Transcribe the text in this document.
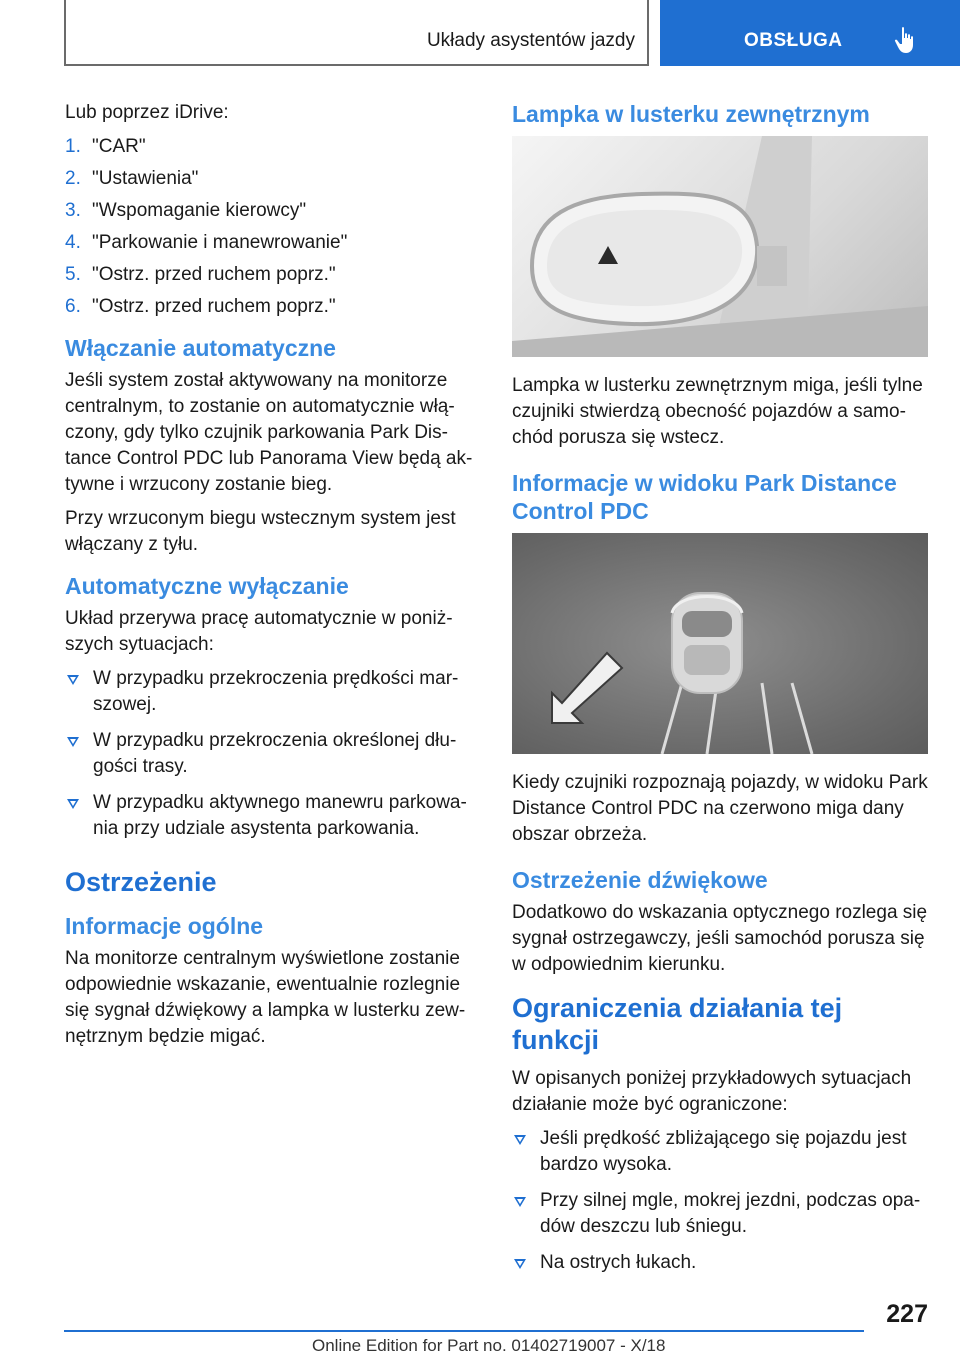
Układy asystentów jazdy	OBSŁUGA

Lub poprzez iDrive:

1. "CAR"
2. "Ustawienia"
3. "Wspomaganie kierowcy"
4. "Parkowanie i manewrowanie"
5. "Ostrz. przed ruchem poprz."
6. "Ostrz. przed ruchem poprz."
Włączanie automatyczne

Jeśli system został aktywowany na monitorze centralnym, to zostanie on automatycznie włą‐czony, gdy tylko czujnik parkowania Park Dis‐tance Control PDC lub Panorama View będą ak‐tywne i wrzucony zostanie bieg.

Przy wrzuconym biegu wstecznym system jest włączany z tyłu.

Automatyczne wyłączanie

Układ przerywa pracę automatycznie w poniż‐szych sytuacjach:

W przypadku przekroczenia prędkości mar‐szowej.
W przypadku przekroczenia określonej dłu‐gości trasy.
W przypadku aktywnego manewru parkowa‐nia przy udziale asystenta parkowania.
Ostrzeżenie
Informacje ogólne

Na monitorze centralnym wyświetlone zostanie odpowiednie wskazanie, ewentualnie rozlegnie się sygnał dźwiękowy a lampka w lusterku zew‐nętrznym będzie migać.

Lampka w lusterku zewnętrznym

Lampka w lusterku zewnętrznym miga, jeśli tylne czujniki stwierdzą obecność pojazdów a samo‐chód porusza się wstecz.

Informacje w widoku Park Distance Control PDC

Kiedy czujniki rozpoznają pojazdy, w widoku Park Distance Control PDC na czerwono miga dany obszar obrzeża.

Ostrzeżenie dźwiękowe

Dodatkowo do wskazania optycznego rozlega się sygnał ostrzegawczy, jeśli samochód porusza się w odpowiednim kierunku.

Ograniczenia działania tej funkcji

W opisanych poniżej przykładowych sytuacjach działanie może być ograniczone:

Jeśli prędkość zbliżającego się pojazdu jest bardzo wysoka.
Przy silnej mgle, mokrej jezdni, podczas opa‐dów deszczu lub śniegu.
Na ostrych łukach.
227
Online Edition for Part no. 01402719007 - X/18
